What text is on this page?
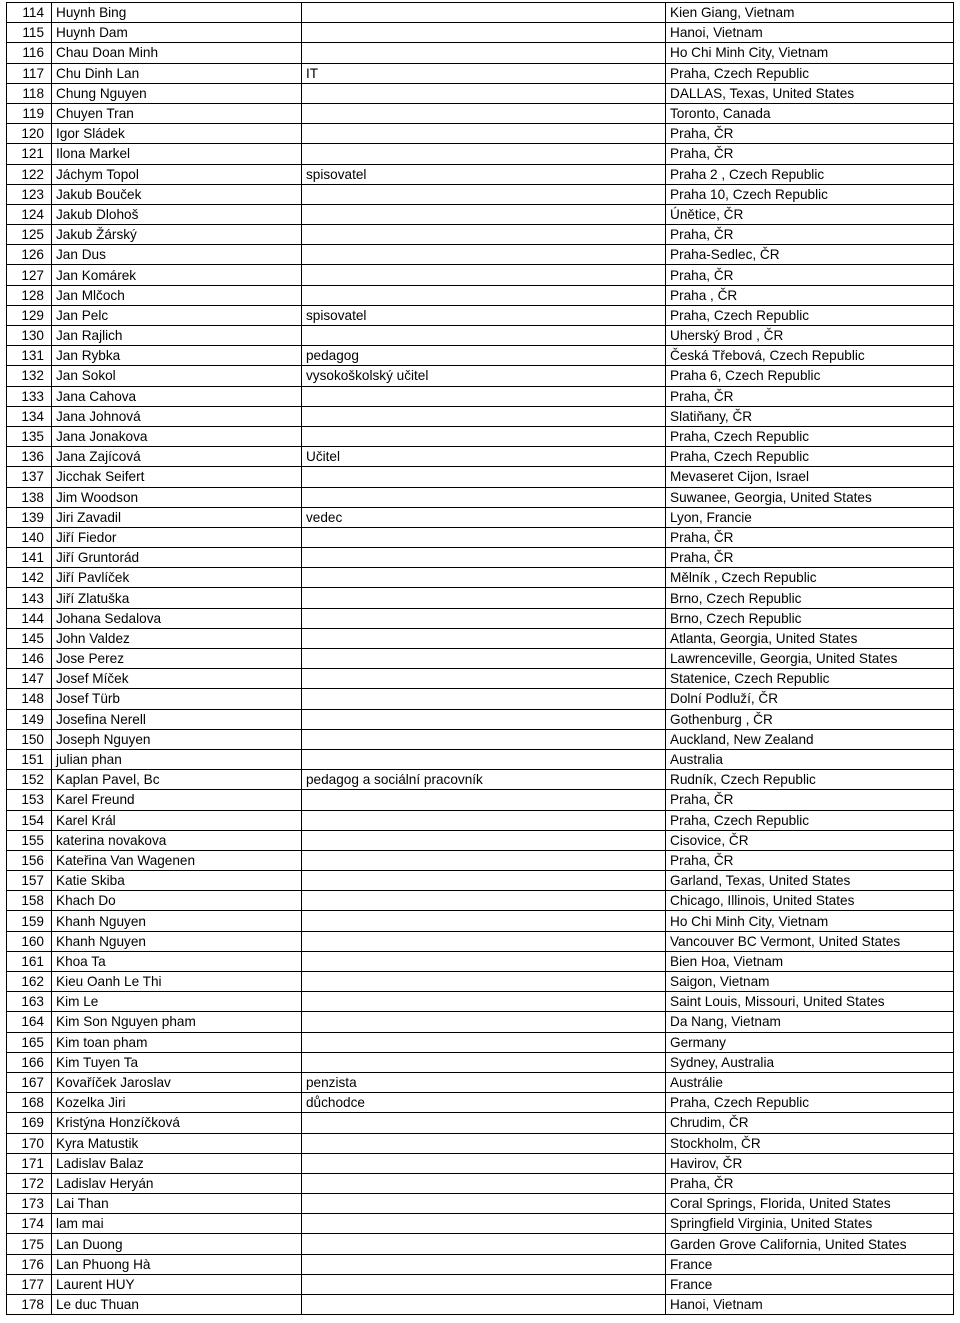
114	Huynh Bing		Kien Giang, Vietnam
115	Huynh Dam		Hanoi, Vietnam
116	Chau Doan Minh		Ho Chi Minh City, Vietnam
117	Chu Dinh Lan	IT	Praha, Czech Republic
118	Chung Nguyen		DALLAS, Texas, United States
119	Chuyen Tran		Toronto, Canada
120	Igor Sládek		Praha, ČR
121	Ilona Markel		Praha, ČR
122	Jáchym Topol	spisovatel	Praha 2 , Czech Republic
123	Jakub Bouček		Praha 10, Czech Republic
124	Jakub Dlohoš		Únětice, ČR
125	Jakub Žárský		Praha, ČR
126	Jan Dus		Praha-Sedlec, ČR
127	Jan Komárek		Praha, ČR
128	Jan Mlčoch		Praha , ČR
129	Jan Pelc	spisovatel	Praha, Czech Republic
130	Jan Rajlich		Uherský Brod , ČR
131	Jan Rybka	pedagog	Česká Třebová, Czech Republic
132	Jan Sokol	vysokoškolský učitel	Praha 6, Czech Republic
133	Jana Cahova		Praha, ČR
134	Jana Johnová		Slatiňany, ČR
135	Jana Jonakova		Praha, Czech Republic
136	Jana Zajícová	Učitel	Praha, Czech Republic
137	Jicchak Seifert		Mevaseret Cijon, Israel
138	Jim Woodson		Suwanee, Georgia, United States
139	Jiri Zavadil	vedec	Lyon, Francie
140	Jiří Fiedor		Praha, ČR
141	Jiří Gruntorád		Praha, ČR
142	Jiří Pavlíček		Mělník , Czech Republic
143	Jiří Zlatuška		Brno, Czech Republic
144	Johana Sedalova		Brno, Czech Republic
145	John Valdez		Atlanta, Georgia, United States
146	Jose Perez		Lawrenceville, Georgia, United States
147	Josef Míček		Statenice, Czech Republic
148	Josef Türb		Dolní Podluží, ČR
149	Josefina Nerell		Gothenburg , ČR
150	Joseph Nguyen		Auckland, New Zealand
151	julian phan		Australia
152	Kaplan Pavel, Bc	pedagog a sociální pracovník	Rudník, Czech Republic
153	Karel Freund		Praha, ČR
154	Karel Král		Praha, Czech Republic
155	katerina novakova		Cisovice, ČR
156	Kateřina Van Wagenen		Praha, ČR
157	Katie Skiba		Garland, Texas, United States
158	Khach Do		Chicago, Illinois, United States
159	Khanh Nguyen		Ho Chi Minh City, Vietnam
160	Khanh Nguyen		Vancouver BC Vermont, United States
161	Khoa Ta		Bien Hoa, Vietnam
162	Kieu Oanh Le Thi		Saigon, Vietnam
163	Kim Le		Saint Louis, Missouri, United States
164	Kim Son Nguyen pham		Da Nang, Vietnam
165	Kim toan pham		Germany
166	Kim Tuyen Ta		Sydney, Australia
167	Kovaříček Jaroslav	penzista	Austrálie
168	Kozelka Jiri	důchodce	Praha, Czech Republic
169	Kristýna Honzíčková		Chrudim, ČR
170	Kyra Matustik		Stockholm, ČR
171	Ladislav Balaz		Havirov, ČR
172	Ladislav Heryán		Praha, ČR
173	Lai Than		Coral Springs, Florida, United States
174	lam mai		Springfield Virginia, United States
175	Lan Duong		Garden Grove California, United States
176	Lan Phuong Hà		France
177	Laurent HUY		France
178	Le duc Thuan		Hanoi, Vietnam
